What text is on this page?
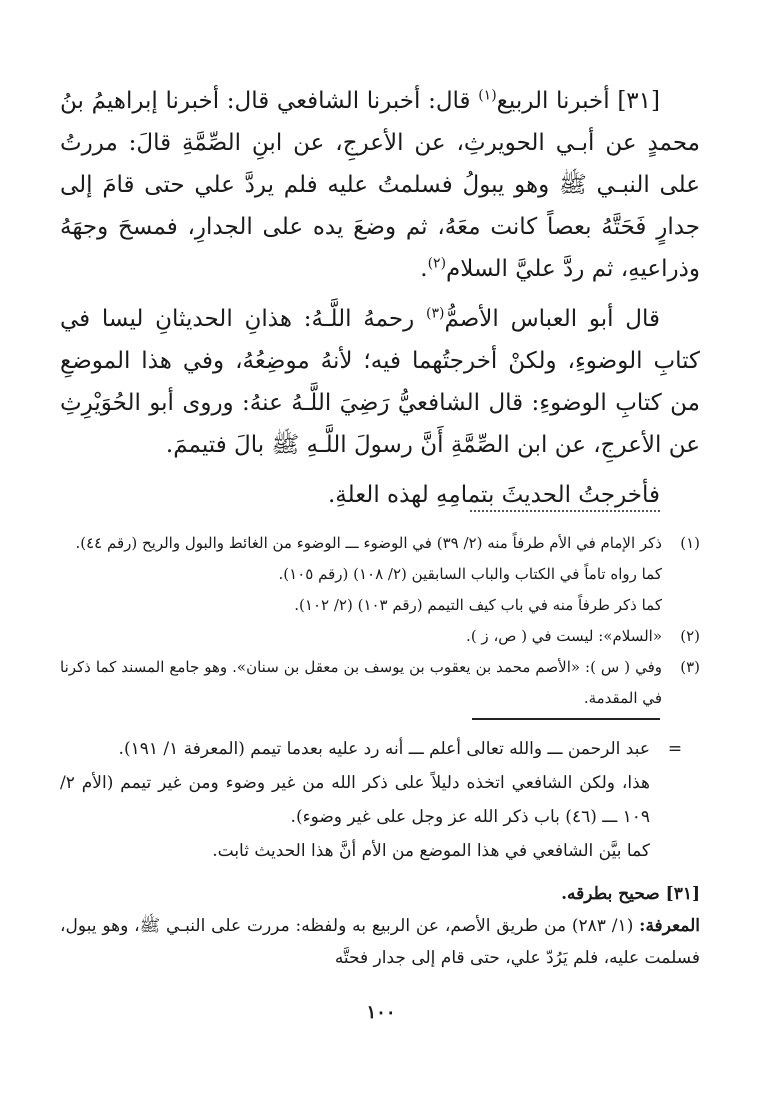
[٣١] أخبرنا الربيع$^{(١)}$ قال: أخبرنا الشافعي قال: أخبرنا إبراهيمُ بنُ محمدٍ عن أبـي الحويرثِ، عن الأعرجِ، عن ابنِ الصِّمَّةِ قالَ: مررتُ على النبـي ﷺ وهو يبولُ فسلمتُ عليه فلم يردَّ علي حتى قامَ إلى جدارٍ فَحَتَّهُ بعصاً كانت معَهُ، ثم وضعَ يده على الجدارِ، فمسحَ وجهَهُ وذراعيهِ، ثم ردَّ عليَّ السلام$^{(٢)}$.

قال أبو العباس الأصمُّ$^{(٣)}$ رحمهُ اللَّـهُ: هذانِ الحديثانِ ليسا في كتابِ الوضوءِ، ولكنْ أخرجتُهما فيه؛ لأنهُ موضِعُهُ، وفي هذا الموضعِ من كتابِ الوضوءِ: قال الشافعيُّ رَضِيَ اللَّـهُ عنهُ: وروى أبو الحُوَيْرِثِ عن الأعرجِ، عن ابن الصِّمَّةِ أَنَّ رسولَ اللَّـهِ ﷺ بالَ فتيممَ.

فأخرجتُ الحديثَ بتمامِهِ لهذه العلةِ.

(١)
ذكر الإمام في الأم طرفاً منه (٢/ ٣٩) في الوضوء ـــ الوضوء من الغائط والبول والريح (رقم ٤٤).
كما رواه تاماً في الكتاب والباب السابقين (٢/ ١٠٨) (رقم ١٠٥).
كما ذكر طرفاً منه في باب كيف التيمم (رقم ١٠٣) (٢/ ١٠٢).
(٢)
«السلام»: ليست في ( ص، ز ).
(٣)
وفي ( س ): «الأصم محمد بن يعقوب بن يوسف بن معقل بن سنان». وهو جامع المسند كما ذكرنا في المقدمة.
=
عبد الرحمن ـــ والله تعالى أعلم ـــ أنه رد عليه بعدما تيمم (المعرفة ١/ ١٩١).
هذا، ولكن الشافعي اتخذه دليلاً على ذكر الله من غير وضوء ومن غير تيمم (الأم ٢/ ١٠٩ ـــ (٤٦) باب ذكر الله عز وجل على غير وضوء).
كما بيَّن الشافعي في هذا الموضع من الأم أنَّ هذا الحديث ثابت.
[٣١] صحيح بطرقه.
المعرفة: (١/ ٢٨٣) من طريق الأصم، عن الربيع به ولفظه: مررت على النبـي ﷺ، وهو يبول، فسلمت عليه، فلم يَرُدّ علي، حتى قام إلى جدار فحتَّه
١٠٠
